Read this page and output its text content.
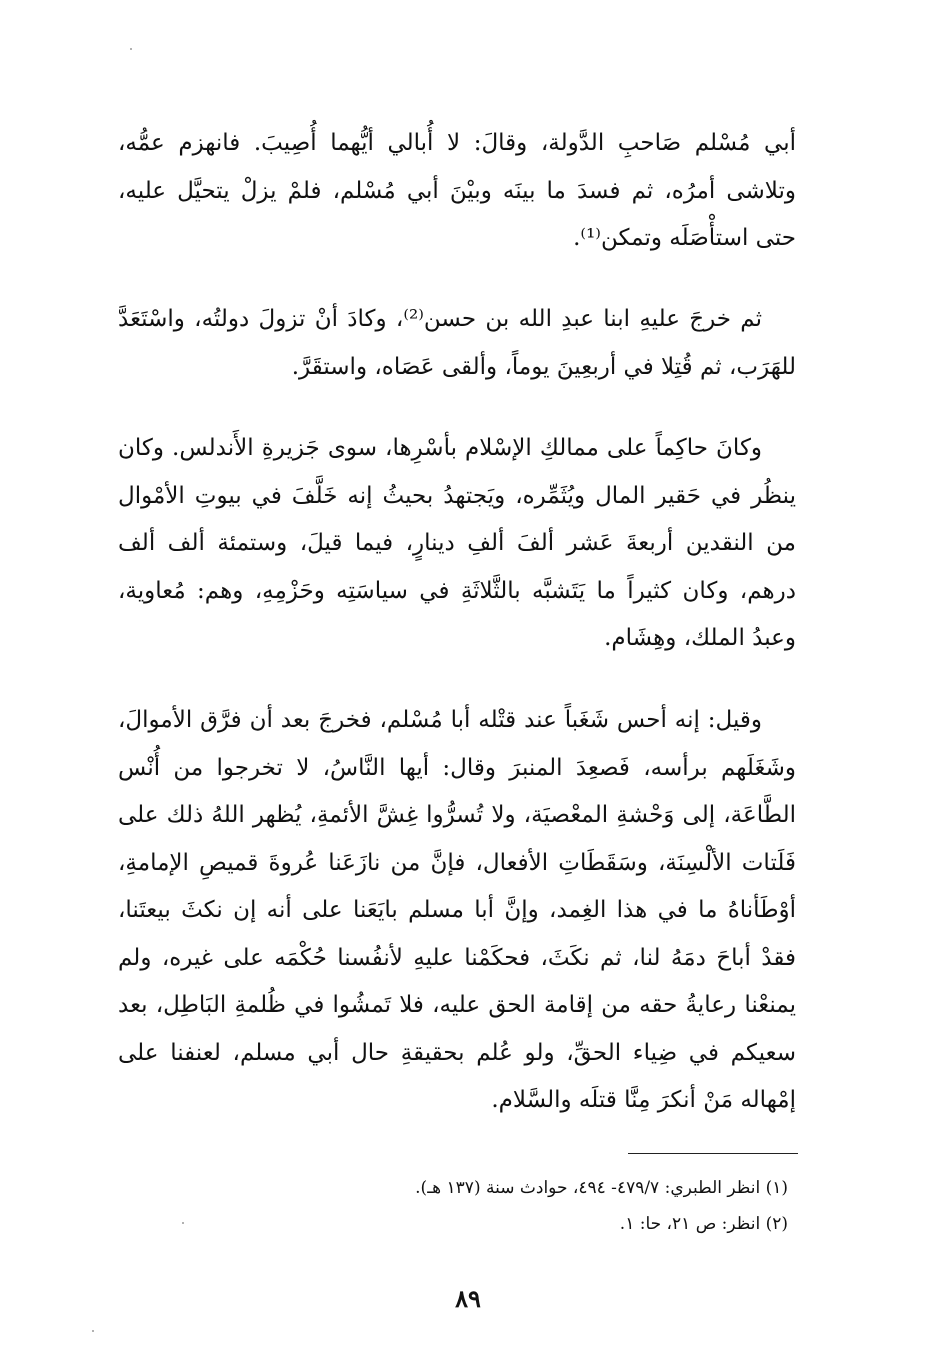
أبي مُسْلم صَاحبِ الدَّولة، وقالَ: لا أُبالي أيُّهما أُصِيبَ. فانهزم عمُّه، وتلاشى أمرُه، ثم فسدَ ما بينَه وبيْنَ أبي مُسْلم، فلمْ يزلْ يتحيَّل عليه، حتى استأْصَلَه وتمكن⁽¹⁾.

ثم خرجَ عليهِ ابنا عبدِ الله بن حسن⁽²⁾، وكادَ أنْ تزولَ دولتُه، واسْتَعَدَّ للهَرَب، ثم قُتِلا في أربعِينَ يوماً، وألقى عَصَاه، واستقَرَّ.

وكانَ حاكِماً على ممالكِ الإسْلام بأسْرِها، سوى جَزيرةِ الأَندلس. وكان ينظُر في حَقير المال ويُثَمِّره، ويَجتهدُ بحيثُ إنه خَلَّفَ في بيوتِ الأمْوال من النقدين أربعةَ عَشر ألفَ ألفِ دينارٍ، فيما قيلَ، وستمئة ألف ألف درهم، وكان كثيراً ما يَتَشبَّه بالثَّلاثَةِ في سياسَتِه وحَزْمِهِ، وهم: مُعاوية، وعبدُ الملك، وهِشَام.

وقيل: إنه أحس شَغَباً عند قتْله أبا مُسْلم، فخرجَ بعد أن فرَّق الأموالَ، وشَغَلَهم برأسه، فَصعِدَ المنبرَ وقال: أيها النَّاسُ، لا تخرجوا من أُنْس الطَّاعَة، إلى وَحْشةِ المعْصيَة، ولا تُسرُّوا غِشَّ الأئمةِ، يُظهر اللهُ ذلك على فَلَتات الألْسِنَة، وسَقَطَاتِ الأفعال، فإنَّ من نازَعَنا عُروةَ قميصِ الإمامةِ، أوْطَأناهُ ما في هذا الغِمد، وإنَّ أبا مسلم بايَعَنا على أنه إن نكثَ بيعتَنا، فقدْ أباحَ دمَهُ لنا، ثم نكَثَ، فحكَمْنا عليهِ لأنفُسنا حُكْمَه على غيره، ولم يمنعْنا رعايةُ حقه من إقامة الحق عليه، فلا تَمشُوا في ظُلمةِ البَاطِل، بعد سعيكم في ضِياء الحقِّ، ولو عُلم بحقيقةِ حال أبي مسلم، لعنفنا على إمْهاله مَنْ أنكرَ مِنَّا قتلَه والسَّلام.

(١) انظر الطبري: ٤٧٩/٧- ٤٩٤، حوادث سنة (١٣٧ هـ).

(٢) انظر: ص ٢١، حا: ١.

٨٩
